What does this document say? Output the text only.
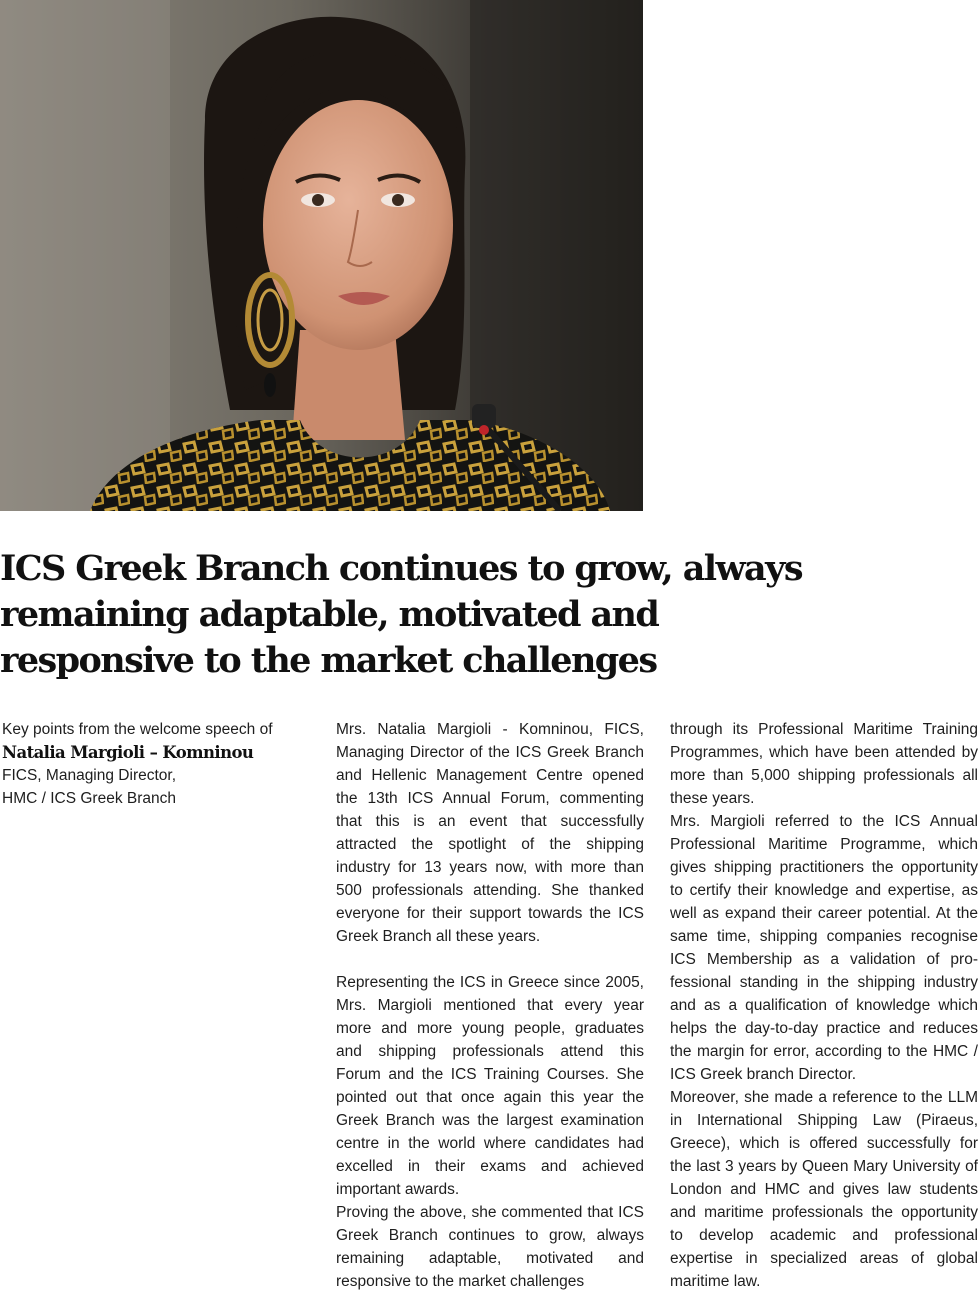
ICS Greek Branch continues to grow, always
remaining adaptable, motivated and
responsive to the market challenges
Key points from the welcome speech of
Natalia Margioli – Komninou
FICS, Managing Director,
HMC / ICS Greek Branch

Mrs. Natalia Margioli - Komninou, FICS, Managing Director of the ICS Greek Branch and Hellenic Management Centre opened the 13th ICS Annual Forum, commenting that this is an event that successfully attracted the spotlight of the shipping industry for 13 years now, with more than 500 professionals attending. She thanked everyone for their support towards the ICS Greek Branch all these years.

Representing the ICS in Greece since 2005, Mrs. Margioli mentioned that every year more and more young people, graduates and shipping professionals attend this Forum and the ICS Training Courses. She pointed out that once again this year the Greek Branch was the largest examination centre in the world where candidates had excelled in their exams and achieved important awards.

Proving the above, she commented that ICS Greek Branch continues to grow, always remaining adaptable, motivated and responsive to the market challenges

through its Professional Maritime Training Programmes, which have been attended by more than 5,000 shipping professionals all these years.

Mrs. Margioli referred to the ICS Annual Professional Maritime Programme, which gives shipping practitioners the opportunity to certify their knowledge and expertise, as well as expand their career potential. At the same time, shipping companies recognise ICS Membership as a validation of professional standing in the shipping industry and as a qualification of knowledge which helps the day-to-day practice and reduces the margin for error, according to the HMC / ICS Greek branch Director.

Moreover, she made a reference to the LLM in International Shipping Law (Piraeus, Greece), which is offered successfully for the last 3 years by Queen Mary University of London and HMC and gives law students and maritime professionals the opportunity to develop academic and professional expertise in specialized areas of global maritime law.
